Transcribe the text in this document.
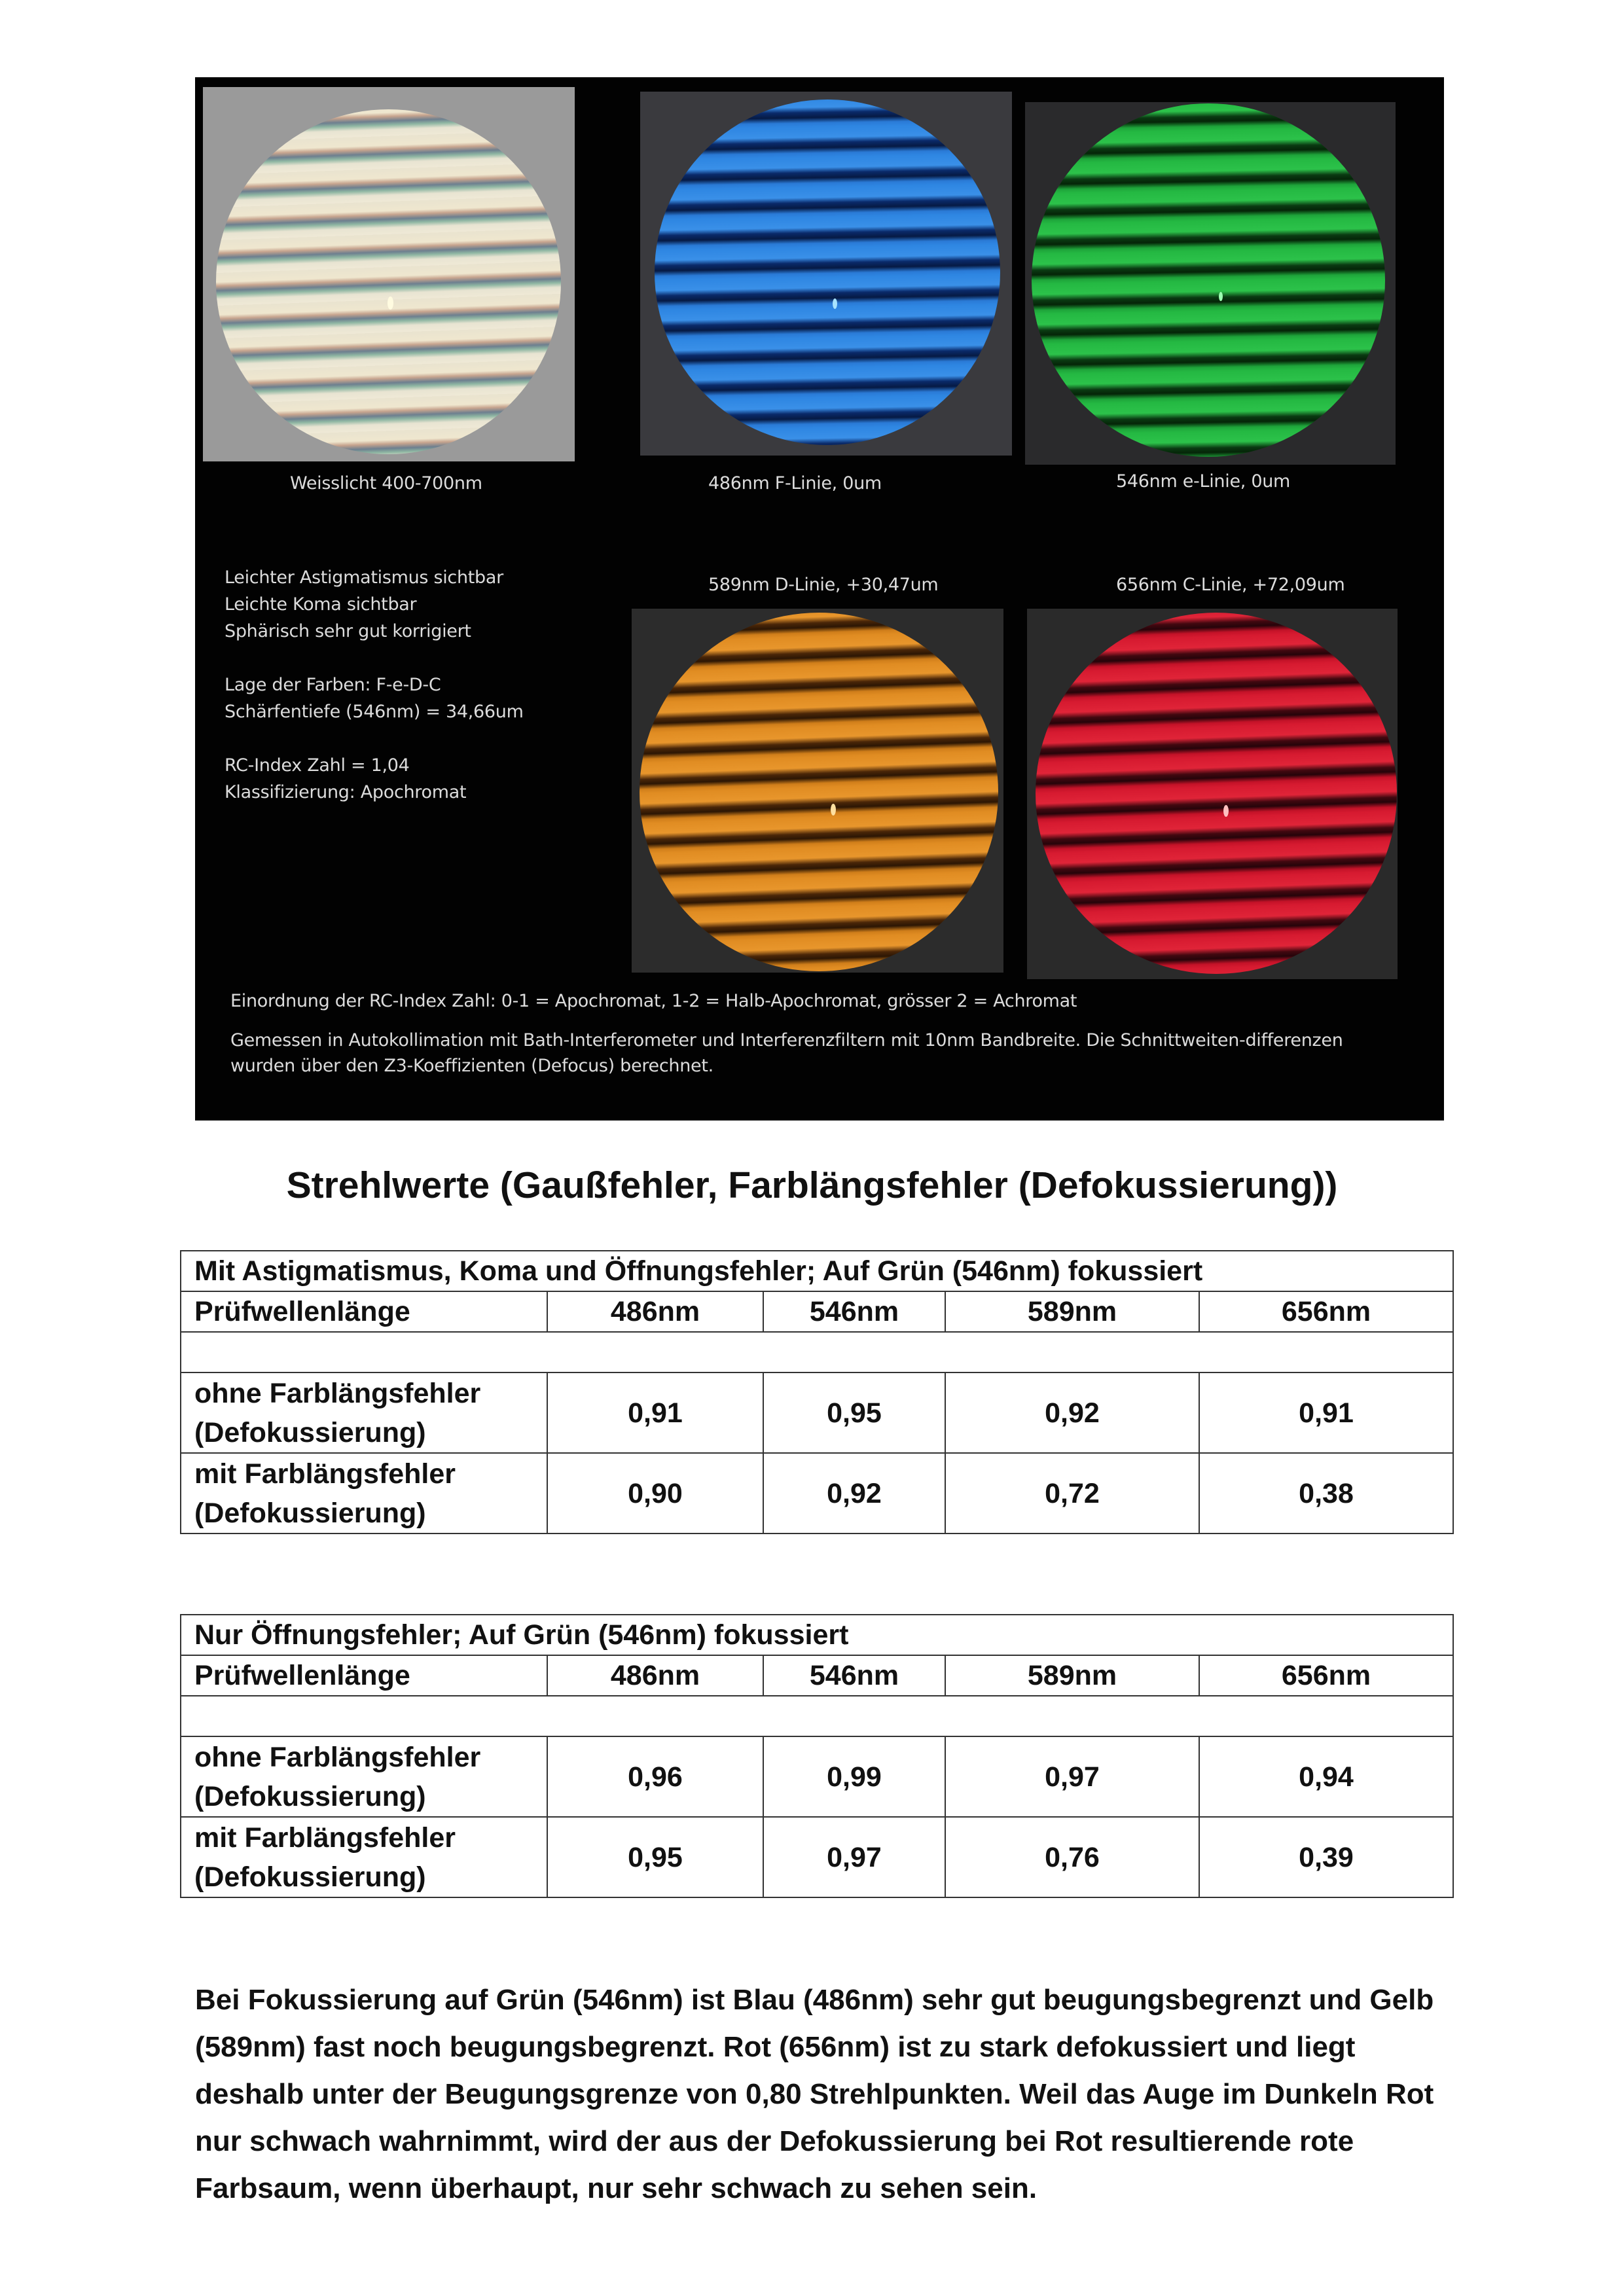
Weisslicht 400-700nm	486nm F-Linie, 0um	546nm e-Linie, 0um
Leichter Astigmatismus sichtbar
Leichte Koma sichtbar
Sphärisch sehr gut korrigiert
Lage der Farben: F-e-D-C
Schärfentiefe (546nm) = 34,66um
RC-Index Zahl = 1,04
Klassifizierung: Apochromat
589nm D-Linie, +30,47um	656nm C-Linie, +72,09um
Einordnung der RC-Index Zahl: 0-1 = Apochromat, 1-2 = Halb-Apochromat, grösser 2 = Achromat
Gemessen in Autokollimation mit Bath-Interferometer und Interferenzfiltern mit 10nm Bandbreite. Die Schnittweiten-differenzen wurden über den Z3-Koeffizienten (Defocus) berechnet.
Strehlwerte (Gaußfehler, Farblängsfehler (Defokussierung))
Mit Astigmatismus, Koma und Öffnungsfehler; Auf Grün (546nm) fokussiert				
Prüfwellenlänge	486nm	546nm	589nm	656nm

ohne Farblängsfehler (Defokussierung)	0,91	0,95	0,92	0,91
mit Farblängsfehler (Defokussierung)	0,90	0,92	0,72	0,38
Nur Öffnungsfehler; Auf Grün (546nm) fokussiert				
Prüfwellenlänge	486nm	546nm	589nm	656nm

ohne Farblängsfehler (Defokussierung)	0,96	0,99	0,97	0,94
mit Farblängsfehler (Defokussierung)	0,95	0,97	0,76	0,39
Bei Fokussierung auf Grün (546nm) ist Blau (486nm) sehr gut beugungsbegrenzt und Gelb (589nm) fast noch beugungsbegrenzt. Rot (656nm) ist zu stark defokussiert und liegt deshalb unter der Beugungsgrenze von 0,80 Strehlpunkten. Weil das Auge im Dunkeln Rot nur schwach wahrnimmt, wird der aus der Defokussierung bei Rot resultierende rote Farbsaum, wenn überhaupt, nur sehr schwach zu sehen sein.
